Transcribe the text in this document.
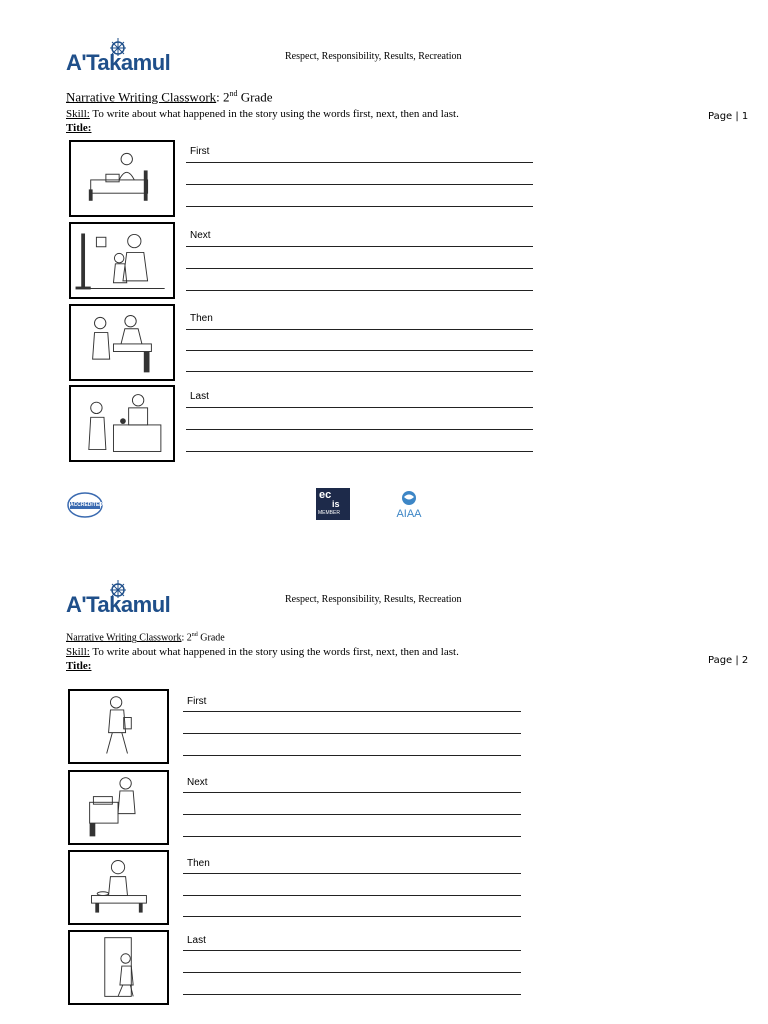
A'Takamul	Respect, Responsibility, Results, Recreation
Narrative Writing Classwork: 2nd Grade
Skill: To write about what happened in the story using the words first, next, then and last.
Title:
Page | 1
First
Next
Then
Last
ACCREDITED
ec
is
MEMBER	AIAA
A'Takamul	Respect, Responsibility, Results, Recreation
Narrative Writing Classwork: 2nd Grade
Skill: To write about what happened in the story using the words first, next, then and last.
Title:	Page | 2
First
Next
Then
Last
